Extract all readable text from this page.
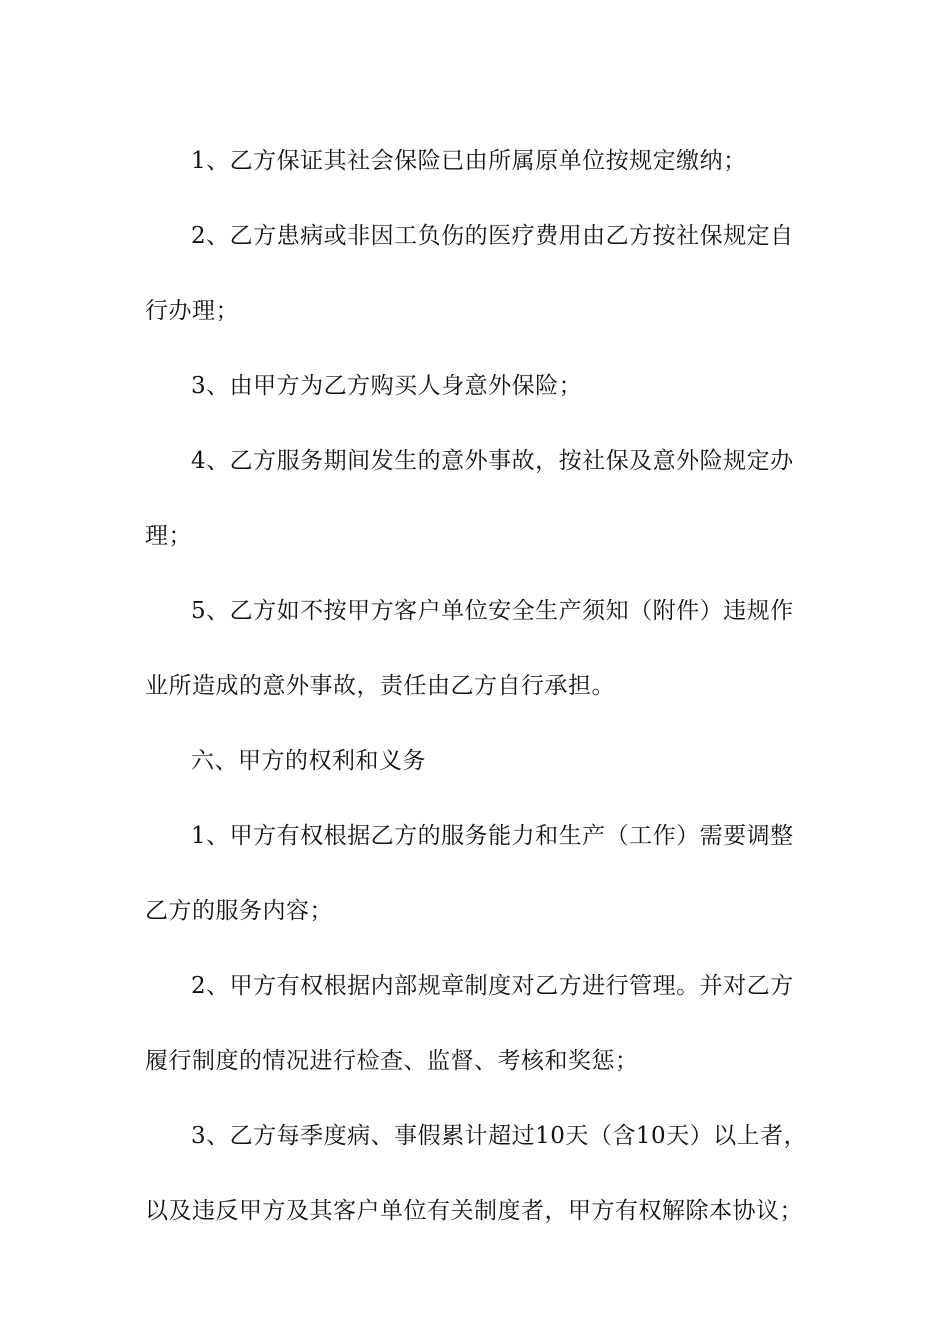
1、乙方保证其社会保险已由所属原单位按规定缴纳；

2、乙方患病或非因工负伤的医疗费用由乙方按社保规定自行办理；

3、由甲方为乙方购买人身意外保险；

4、乙方服务期间发生的意外事故，按社保及意外险规定办理；

5、乙方如不按甲方客户单位安全生产须知（附件）违规作业所造成的意外事故，责任由乙方自行承担。

六、甲方的权利和义务

1、甲方有权根据乙方的服务能力和生产（工作）需要调整乙方的服务内容；

2、甲方有权根据内部规章制度对乙方进行管理。并对乙方履行制度的情况进行检查、监督、考核和奖惩；

3、乙方每季度病、事假累计超过10天（含10天）以上者，以及违反甲方及其客户单位有关制度者，甲方有权解除本协议；
